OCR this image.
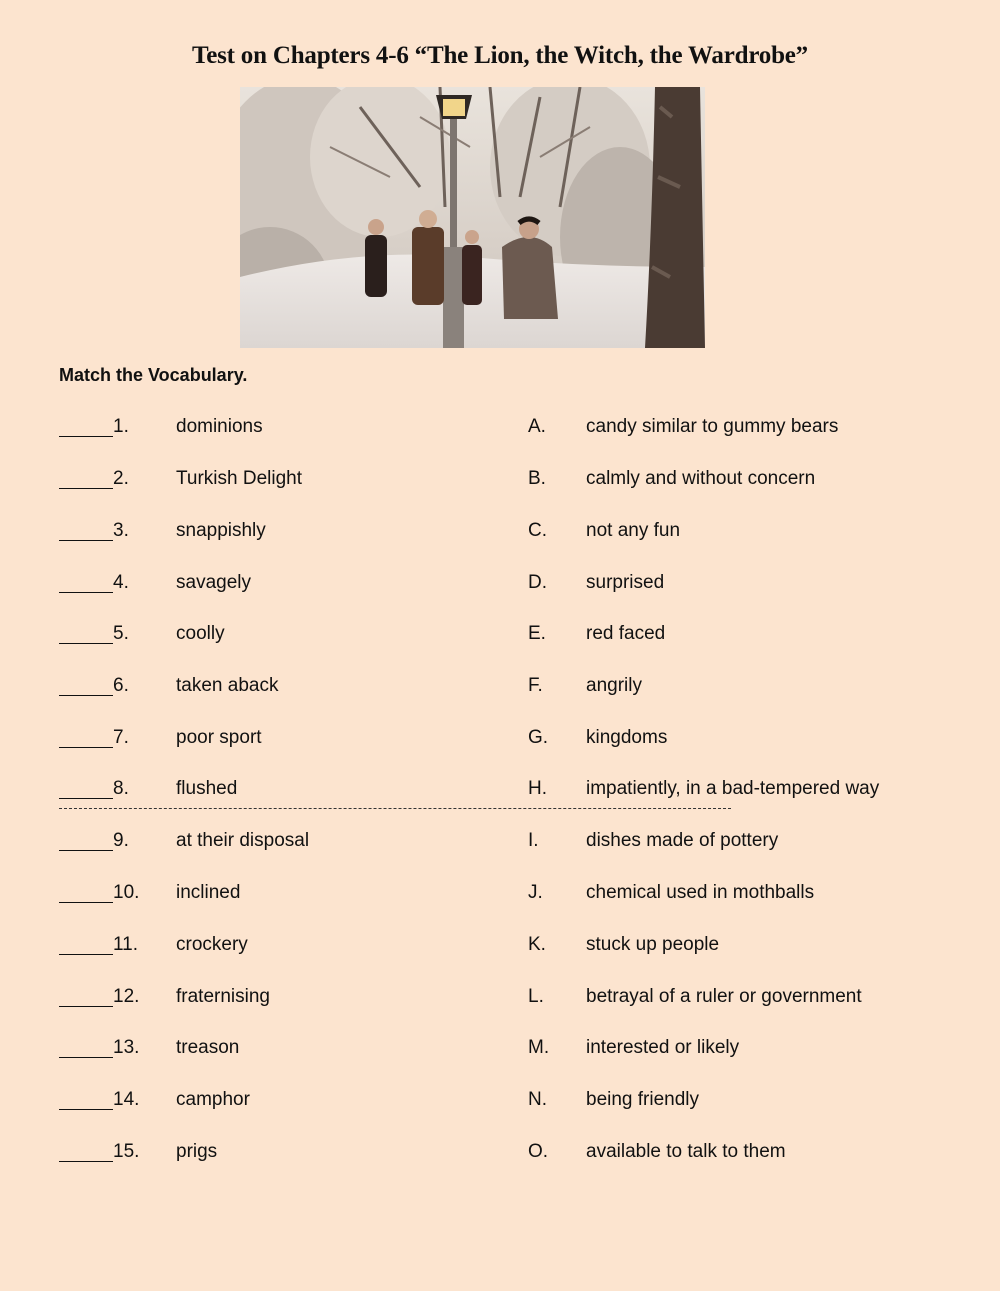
Test on Chapters 4-6 “The Lion, the Witch, the Wardrobe”
Match the Vocabulary.
1. dominions	A. candy similar to gummy bears
2. Turkish Delight	B. calmly and without concern
3. snappishly	C. not any fun
4. savagely	D. surprised
5. coolly	E. red faced
6. taken aback	F. angrily
7. poor sport	G. kingdoms
8. flushed	H. impatiently, in a bad-tempered way
9. at their disposal	I. dishes made of pottery
10. inclined	J. chemical used in mothballs
11. crockery	K. stuck up people
12. fraternising	L. betrayal of a ruler or government
13. treason	M. interested or likely
14. camphor	N. being friendly
15. prigs	O. available to talk to them
